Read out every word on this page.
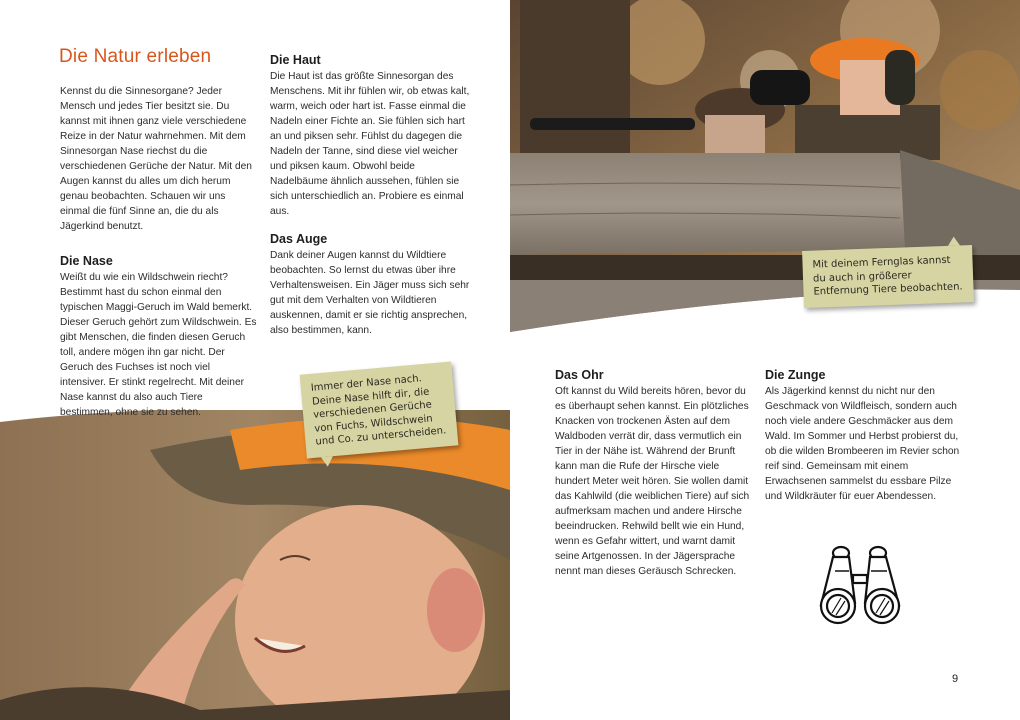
Die Natur erleben

Kennst du die Sinnesorgane? Jeder Mensch und jedes Tier besitzt sie. Du kannst mit ihnen ganz viele verschiedene Reize in der Natur wahrnehmen. Mit dem Sinnesorgan Nase riechst du die verschiedenen Gerüche der Natur. Mit den Augen kannst du alles um dich herum genau beobachten. Schauen wir uns einmal die fünf Sinne an, die du als Jägerkind benutzt.

Die Nase

Weißt du wie ein Wildschwein riecht? Bestimmt hast du schon einmal den typischen Maggi-Geruch im Wald bemerkt. Dieser Geruch gehört zum Wildschwein. Es gibt Menschen, die finden diesen Geruch toll, andere mögen ihn gar nicht. Der Geruch des Fuchses ist noch viel intensiver. Er stinkt regelrecht. Mit deiner Nase kannst du also auch Tiere bestimmen, ohne sie zu sehen.

Die Haut

Die Haut ist das größte Sinnesorgan des Menschens. Mit ihr fühlen wir, ob etwas kalt, warm, weich oder hart ist. Fasse einmal die Nadeln einer Fichte an. Sie fühlen sich hart an und piksen sehr. Fühlst du dagegen die Nadeln der Tanne, sind diese viel weicher und piksen kaum. Obwohl beide Nadelbäume ähnlich aussehen, fühlen sie sich unterschiedlich an. Probiere es einmal aus.

Das Auge

Dank deiner Augen kannst du Wildtiere beobachten. So lernst du etwas über ihre Verhaltensweisen. Ein Jäger muss sich sehr gut mit dem Verhalten von Wildtieren auskennen, damit er sie richtig ansprechen, also bestimmen, kann.

Das Ohr

Oft kannst du Wild bereits hören, bevor du es überhaupt sehen kannst. Ein plötzliches Knacken von trockenen Ästen auf dem Waldboden verrät dir, dass vermutlich ein Tier in der Nähe ist. Während der Brunft kann man die Rufe der Hirsche viele hundert Meter weit hören. Sie wollen damit das Kahlwild (die weiblichen Tiere) auf sich aufmerksam machen und andere Hirsche beeindrucken. Rehwild bellt wie ein Hund, wenn es Gefahr wittert, und warnt damit seine Artgenossen. In der Jägersprache nennt man dieses Geräusch Schrecken.

Die Zunge

Als Jägerkind kennst du nicht nur den Geschmack von Wildfleisch, sondern auch noch viele andere Geschmäcker aus dem Wald. Im Sommer und Herbst probierst du, ob die wilden Brombeeren im Revier schon reif sind. Gemeinsam mit einem Erwachsenen sammelst du essbare Pilze und Wildkräuter für euer Abendessen.

Immer der Nase nach. Deine Nase hilft dir, die verschiedenen Gerüche von Fuchs, Wildschwein und Co. zu unterscheiden.
Mit deinem Fernglas kannst du auch in größerer Entfernung Tiere beobachten.
9
